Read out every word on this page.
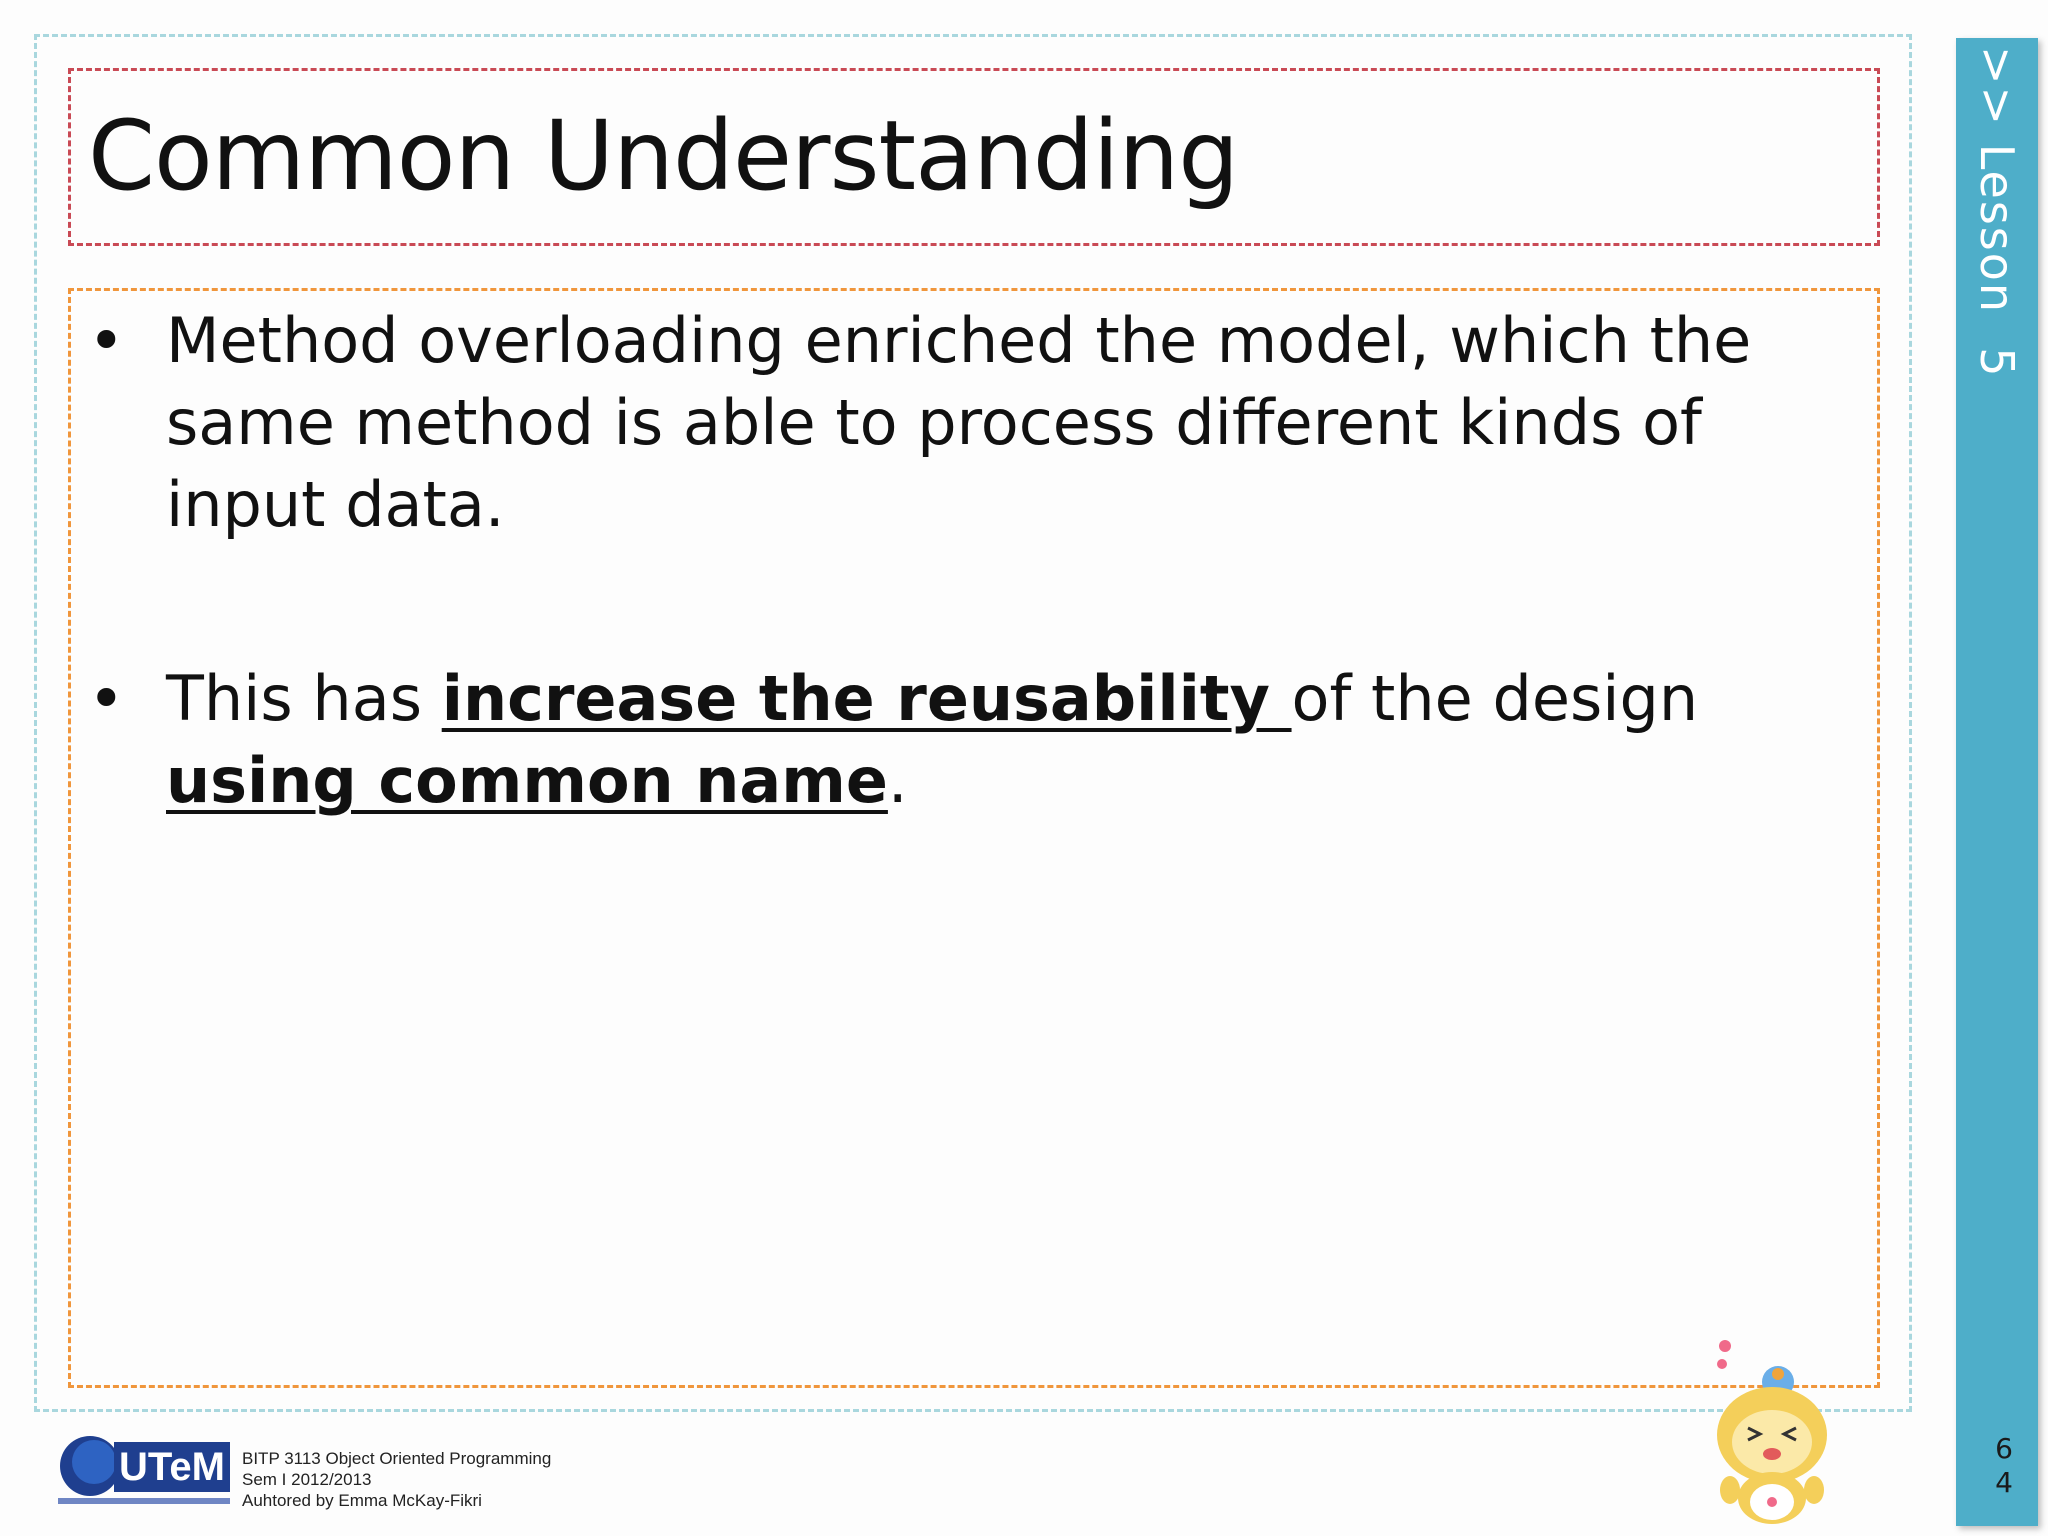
Common Understanding
• Method overloading enriched the model, which the same method is able to process different kinds of input data.
• This has increase the reusability of the design using common name.
>> Lesson  5
6
4
UTeM BITP 3113 Object Oriented Programming
Sem I 2012/2013
Auhtored by Emma McKay-Fikri
